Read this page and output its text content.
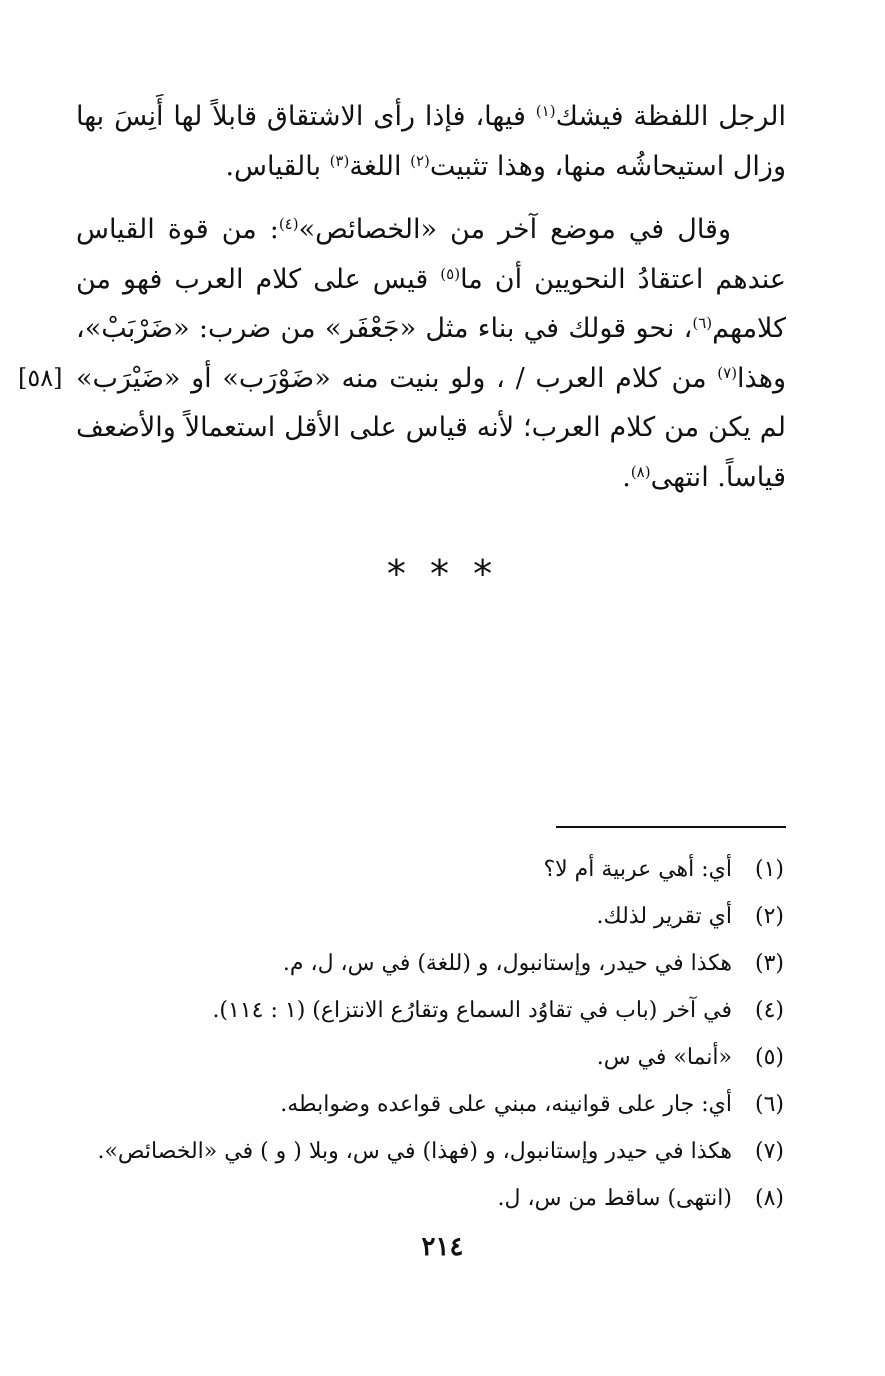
الرجل اللفظة فيشك$^{(١)}$ فيها، فإذا رأى الاشتقاق قابلاً لها أَنِسَ بها وزال استيحاشُه منها، وهذا تثبيت$^{(٢)}$ اللغة$^{(٣)}$ بالقياس.

وقال في موضع آخر من «الخصائص»$^{(٤)}$: من قوة القياس عندهم اعتقادُ النحويين أن ما$^{(٥)}$ قيس على كلام العرب فهو من كلامهم$^{(٦)}$، نحو قولك في بناء مثل «جَعْفَر» من ضرب: «ضَرْبَبْ»، وهذا$^{(٧)}$ من كلام العرب / ، ولو بنيت منه «ضَوْرَب» أو «ضَيْرَب» لم يكن من كلام العرب؛ لأنه قياس على الأقل استعمالاً والأضعف قياساً. انتهى$^{(٨)}$.

[٥٨]
* * *
(١)أي: أهي عربية أم لا؟
(٢)أي تقرير لذلك.
(٣)هكذا في حيدر، وإستانبول، و (للغة) في س، ل، م.
(٤)في آخر (باب في تقاوُد السماع وتقارُع الانتزاع) (١ : ١١٤).
(٥)«أنما» في س.
(٦)أي: جار على قوانينه، مبني على قواعده وضوابطه.
(٧)هكذا في حيدر وإستانبول، و (فهذا) في س، وبلا ( و ) في «الخصائص».
(٨)(انتهى) ساقط من س، ل.
٢١٤
